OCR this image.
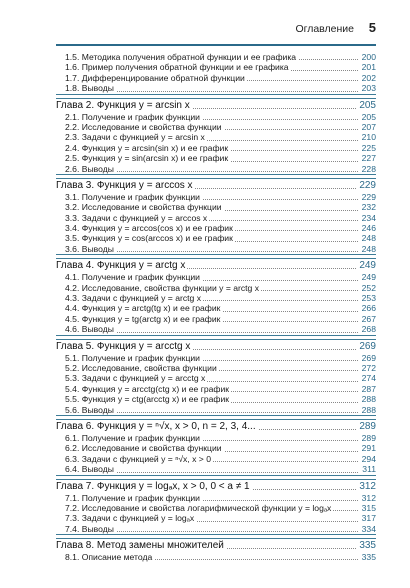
Оглавление 5
1.5. Методика получения обратной функции и ее графика	200
1.6. Пример получения обратной функции и ее графика	201
1.7. Дифференцирование обратной функции	202
1.8. Выводы	203
Глава 2. Функция y = arcsin x	205
2.1. Получение и график функции	205
2.2. Исследование и свойства функции	207
2.3. Задачи с функцией y = arcsin x	210
2.4. Функция y = arcsin(sin x) и ее график	225
2.5. Функция y = sin(arcsin x) и ее график	227
2.6. Выводы	228
Глава 3. Функция y = arccos x	229
3.1. Получение и график функции	229
3.2. Исследование и свойства функции	232
3.3. Задачи с функцией y = arccos x	234
3.4. Функция y = arccos(cos x) и ее график	246
3.5. Функция y = cos(arccos x) и ее график	248
3.6. Выводы	248
Глава 4. Функция y = arctg x	249
4.1. Получение и график функции	249
4.2. Исследование, свойства функции y = arctg x	252
4.3. Задачи с функцией y = arctg x	253
4.4. Функция y = arctg(tg x) и ее график	266
4.5. Функция y = tg(arctg x) и ее график	267
4.6. Выводы	268
Глава 5. Функция y = arcctg x	269
5.1. Получение и график функции	269
5.2. Исследование, свойства функции	272
5.3. Задачи с функцией y = arcctg x	274
5.4. Функция y = arcctg(ctg x) и ее график	287
5.5. Функция y = ctg(arcctg x) и ее график	288
5.6. Выводы	288
Глава 6. Функция y = ⁿ√x, x > 0, n = 2, 3, 4...	289
6.1. Получение и график функции	289
6.2. Исследование и свойства функции	291
6.3. Задачи с функцией y = ⁿ√x, x > 0	294
6.4. Выводы	311
Глава 7. Функция y = logₐx, x > 0, 0 < a ≠ 1	312
7.1. Получение и график функции	312
7.2. Исследование и свойства логарифмической функции y = logₐx	315
7.3. Задачи с функцией y = logₐx	317
7.4. Выводы	334
Глава 8. Метод замены множителей	335
8.1. Описание метода	335
